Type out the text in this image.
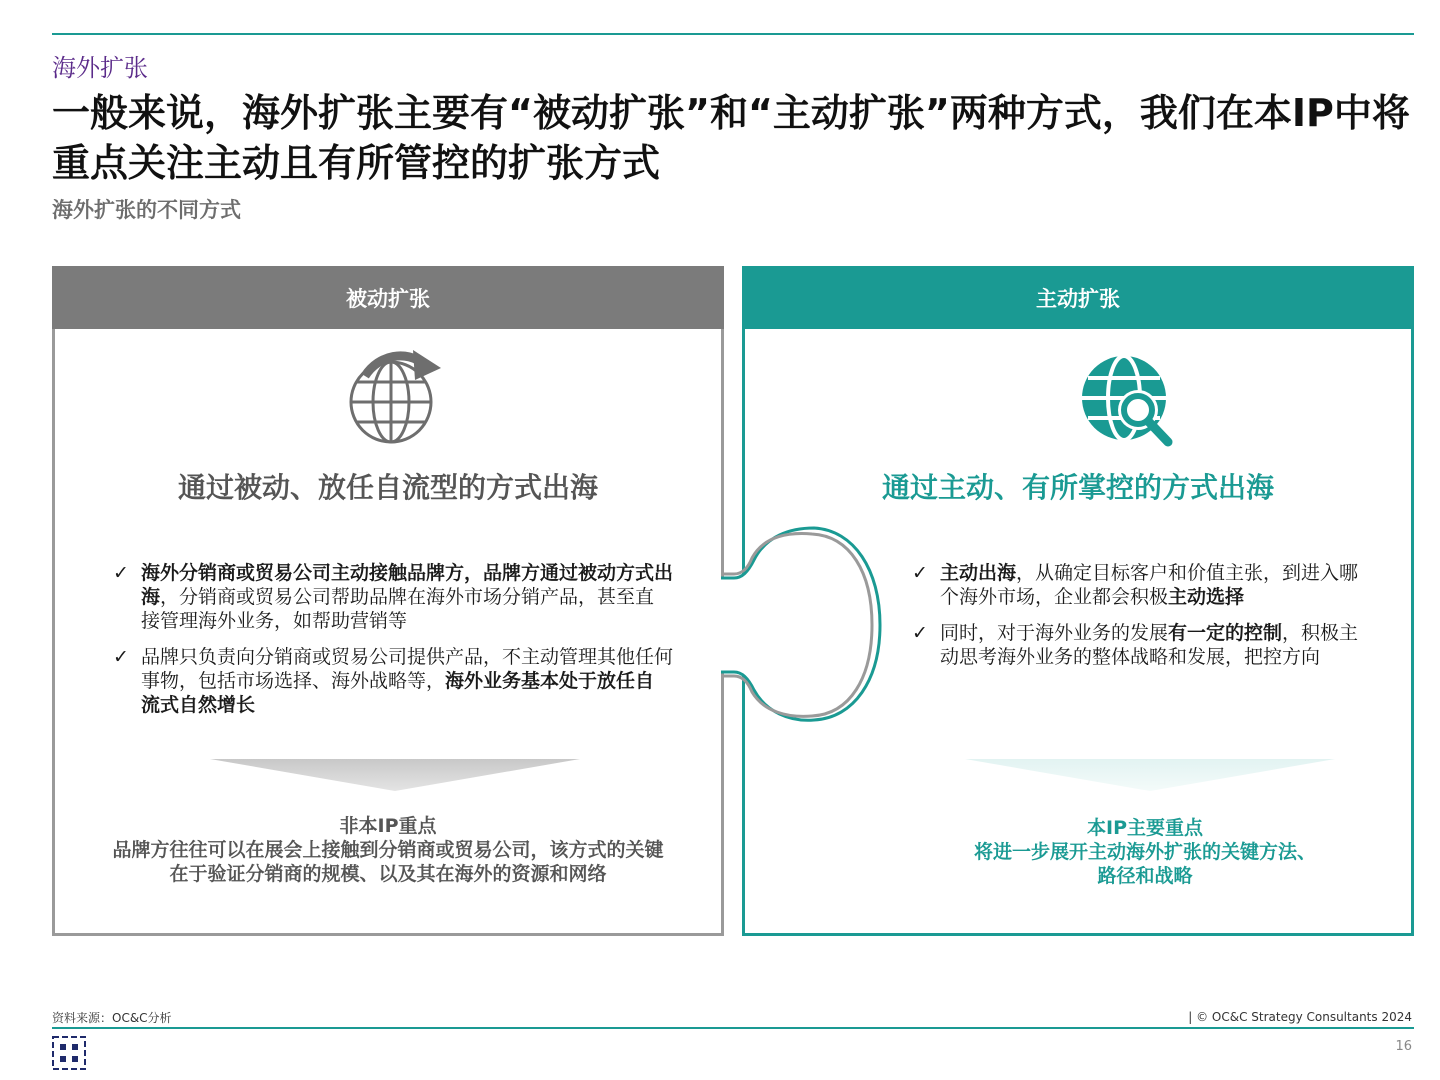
海外扩张
一般来说，海外扩张主要有“被动扩张”和“主动扩张”两种方式，我们在本IP中将重点关注主动且有所管控的扩张方式
海外扩张的不同方式
被动扩张
通过被动、放任自流型的方式出海
✓ 海外分销商或贸易公司主动接触品牌方，品牌方通过被动方式出海，分销商或贸易公司帮助品牌在海外市场分销产品，甚至直接管理海外业务，如帮助营销等
✓ 品牌只负责向分销商或贸易公司提供产品，不主动管理其他任何事物，包括市场选择、海外战略等，海外业务基本处于放任自流式自然增长
非本IP重点
品牌方往往可以在展会上接触到分销商或贸易公司，该方式的关键在于验证分销商的规模、以及其在海外的资源和网络
主动扩张
通过主动、有所掌控的方式出海
✓ 主动出海，从确定目标客户和价值主张，到进入哪个海外市场，企业都会积极主动选择
✓ 同时，对于海外业务的发展有一定的控制，积极主动思考海外业务的整体战略和发展，把控方向
本IP主要重点
将进一步展开主动海外扩张的关键方法、路径和战略
资料来源：OC&C分析	| © OC&C Strategy Consultants 2024
16
